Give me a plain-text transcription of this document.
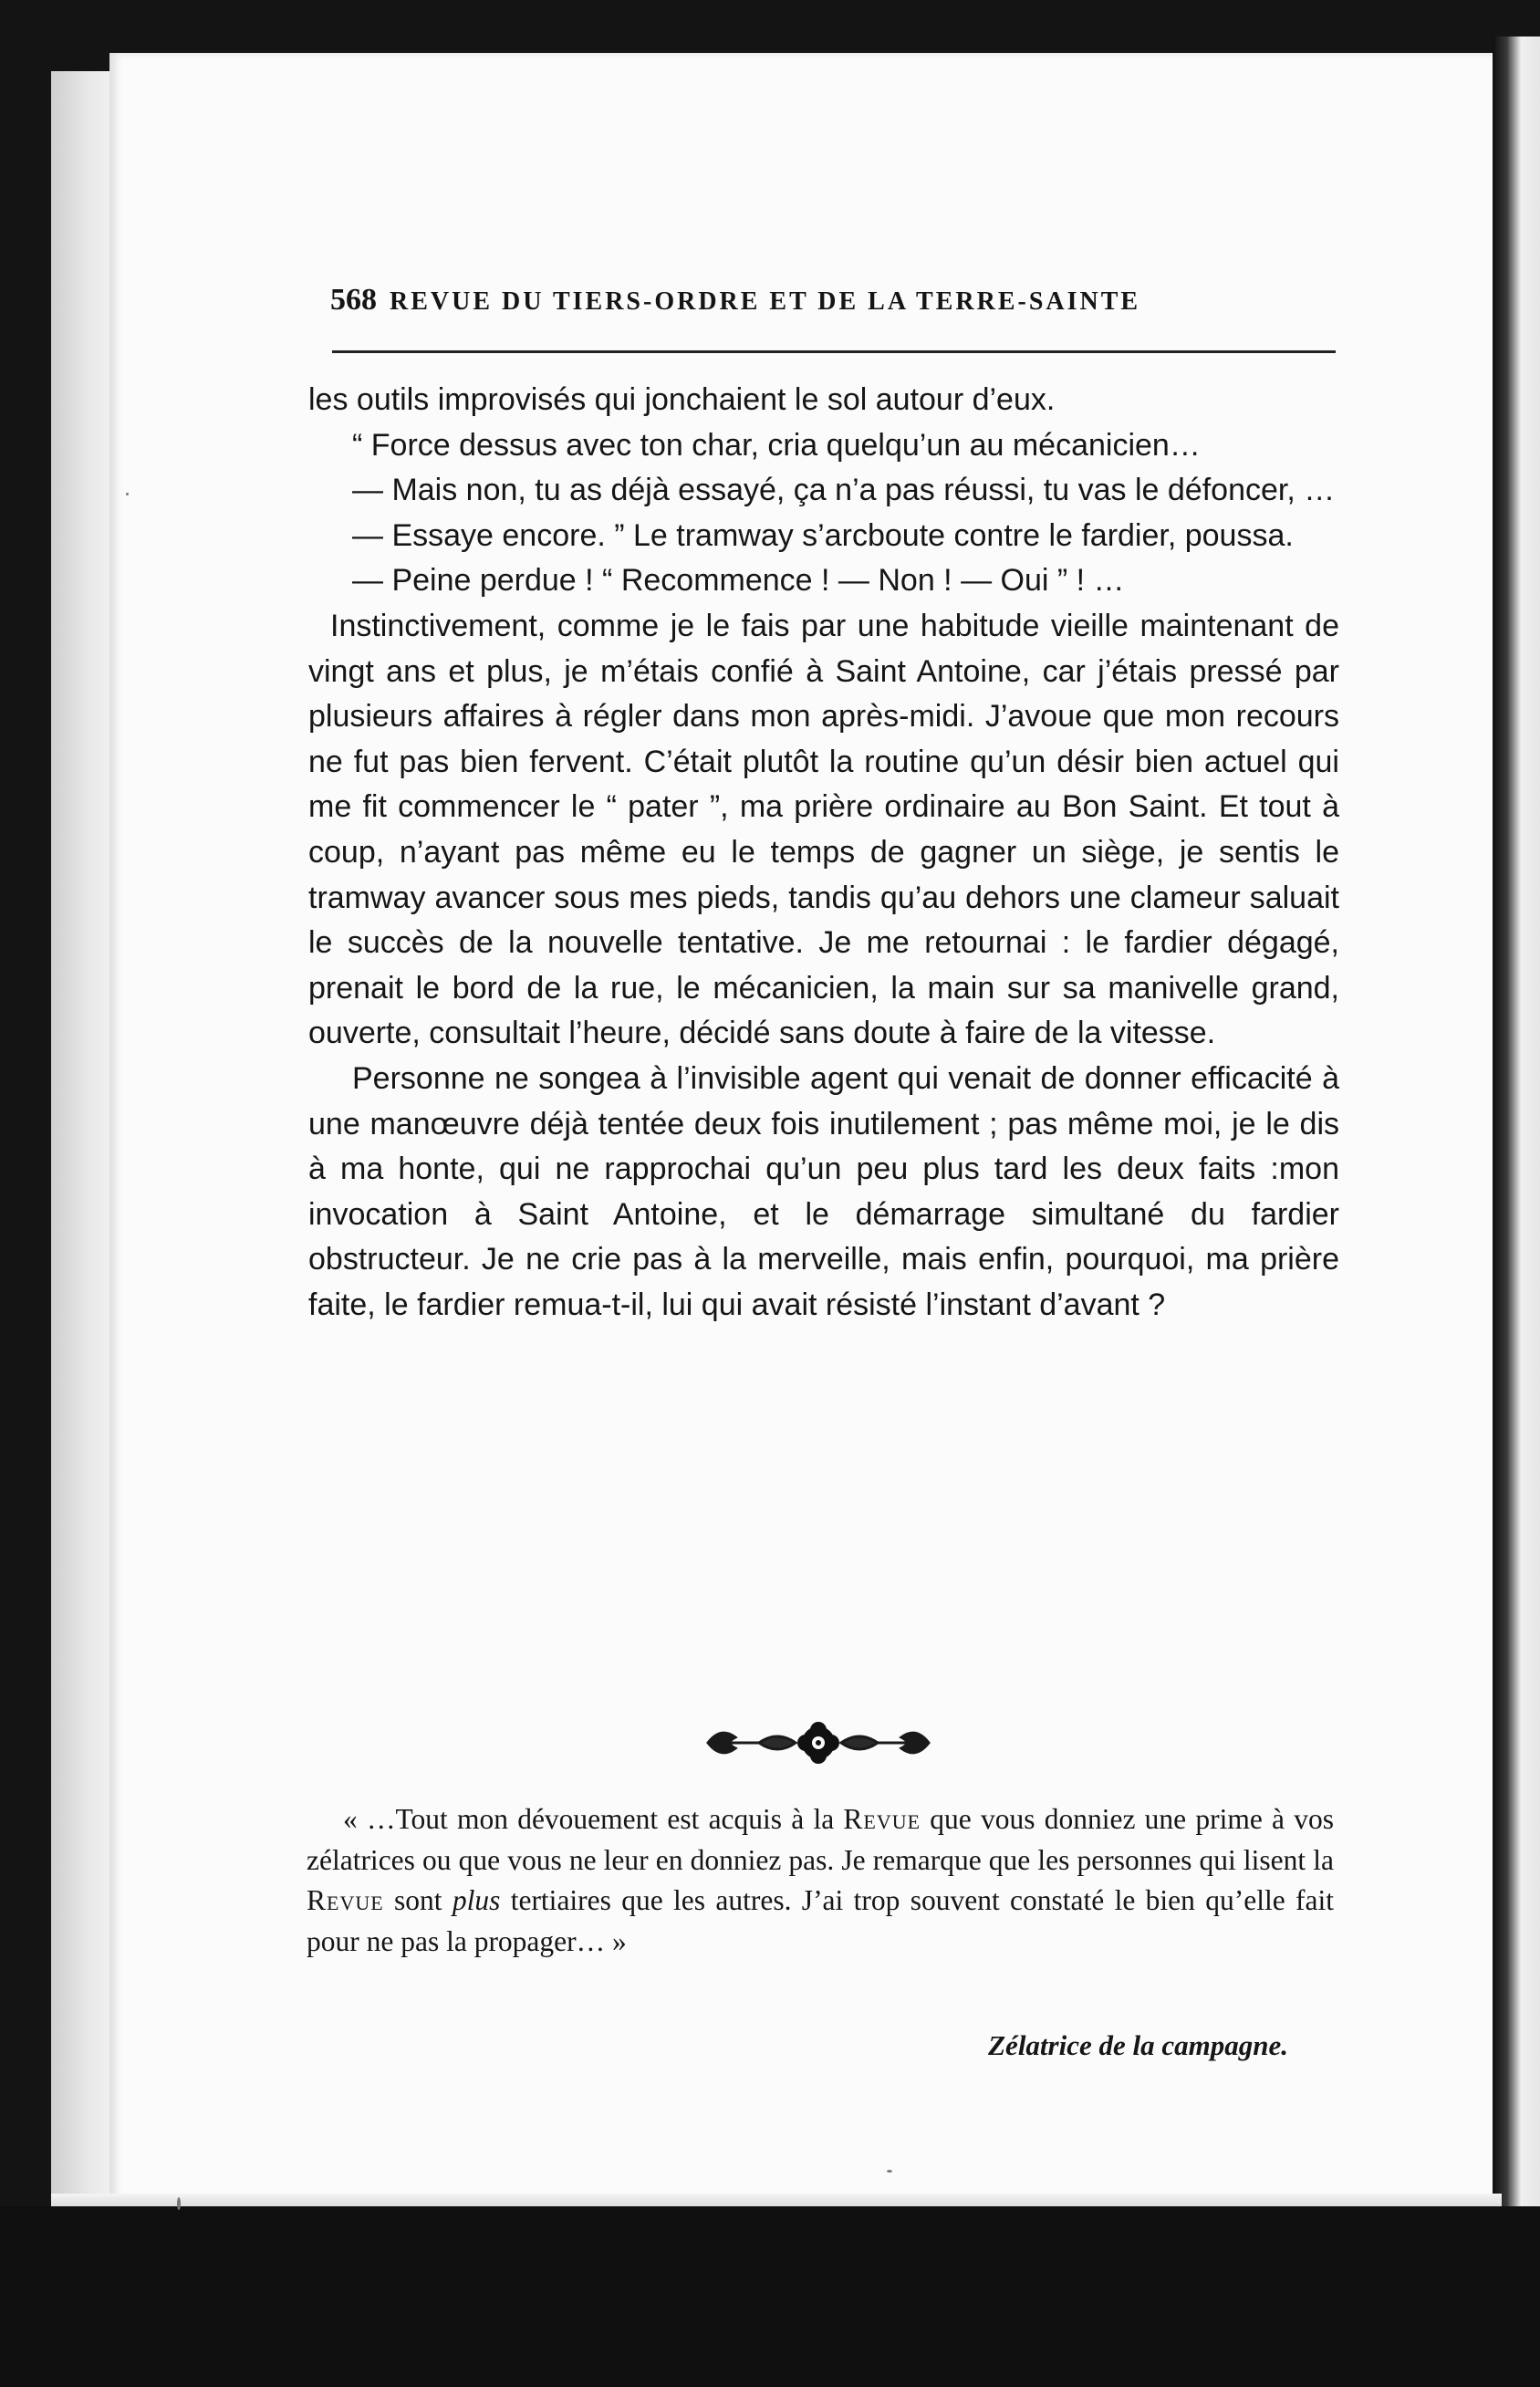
568 REVUE DU TIERS-ORDRE ET DE LA TERRE-SAINTE

les outils improvisés qui jonchaient le sol autour d’eux.

“ Force dessus avec ton char, cria quelqu’un au mécanicien…

— Mais non, tu as déjà essayé, ça n’a pas réussi, tu vas le défoncer, …

— Essaye encore. ” Le tramway s’arcboute contre le fardier, poussa.

— Peine perdue ! “ Recommence ! — Non ! — Oui ” ! …

Instinctivement, comme je le fais par une habitude vieille maintenant de vingt ans et plus, je m’étais confié à Saint Antoine, car j’étais pressé par plusieurs affaires à régler dans mon après-midi. J’avoue que mon recours ne fut pas bien fervent. C’était plutôt la routine qu’un désir bien actuel qui me fit commencer le “ pater ”, ma prière ordinaire au Bon Saint. Et tout à coup, n’ayant pas même eu le temps de gagner un siège, je sentis le tramway avancer sous mes pieds, tandis qu’au dehors une clameur saluait le succès de la nouvelle tentative. Je me retournai : le fardier dégagé, prenait le bord de la rue, le mécanicien, la main sur sa manivelle grand, ouverte, consultait l’heure, décidé sans doute à faire de la vitesse.

Personne ne songea à l’invisible agent qui venait de donner efficacité à une manœuvre déjà tentée deux fois inutilement ; pas même moi, je le dis à ma honte, qui ne rapprochai qu’un peu plus tard les deux faits :mon invocation à Saint Antoine, et le démarrage simultané du fardier obstructeur. Je ne crie pas à la merveille, mais enfin, pourquoi, ma prière faite, le fardier remua-t-il, lui qui avait résisté l’instant d’avant ?

« …Tout mon dévouement est acquis à la Revue que vous donniez une prime à vos zélatrices ou que vous ne leur en donniez pas. Je remarque que les personnes qui lisent la Revue sont plus tertiaires que les autres. J’ai trop souvent constaté le bien qu’elle fait pour ne pas la propager… »

Zélatrice de la campagne.
